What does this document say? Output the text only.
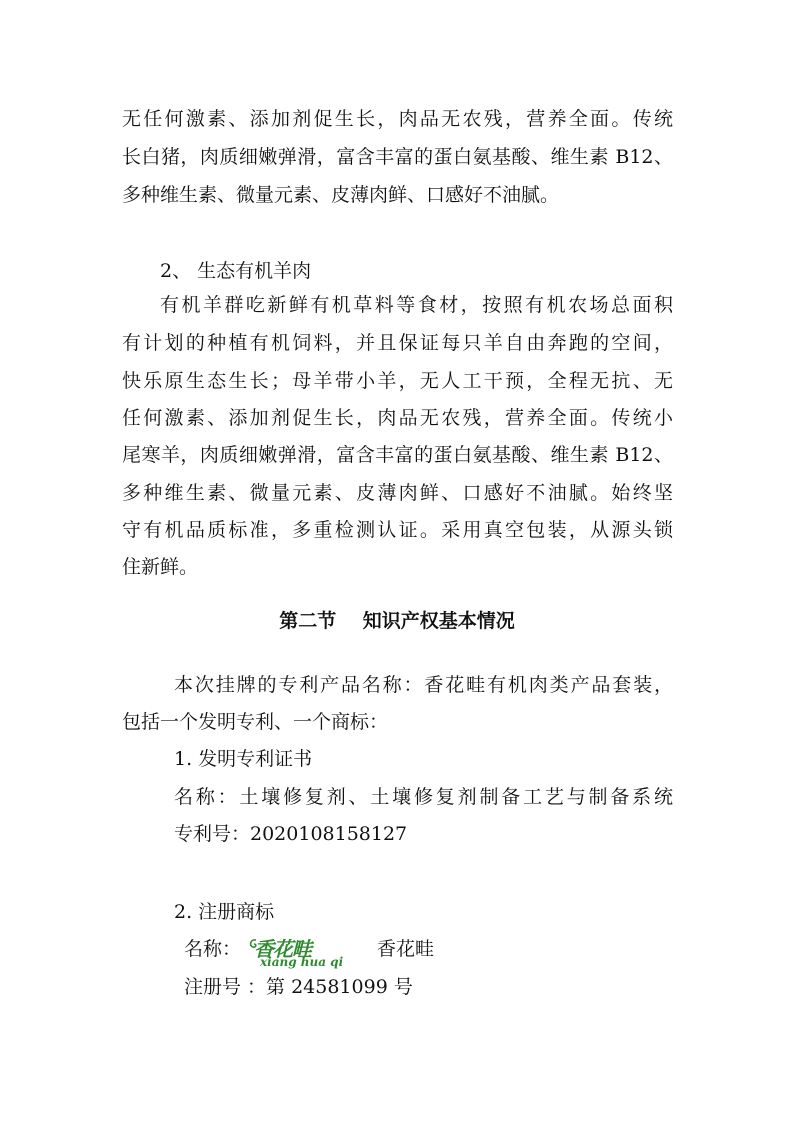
无任何激素、添加剂促生长，肉品无农残，营养全面。传统
长白猪，肉质细嫩弹滑，富含丰富的蛋白氨基酸、维生素 B12、
多种维生素、微量元素、皮薄肉鲜、口感好不油腻。
2、 生态有机羊肉
有机羊群吃新鲜有机草料等食材，按照有机农场总面积
有计划的种植有机饲料，并且保证每只羊自由奔跑的空间，
快乐原生态生长；母羊带小羊，无人工干预，全程无抗、无
任何激素、添加剂促生长，肉品无农残，营养全面。传统小
尾寒羊，肉质细嫩弹滑，富含丰富的蛋白氨基酸、维生素 B12、
多种维生素、微量元素、皮薄肉鲜、口感好不油腻。始终坚
守有机品质标准，多重检测认证。采用真空包装，从源头锁
住新鲜。
第二节    知识产权基本情况
本次挂牌的专利产品名称：香花畦有机肉类产品套装，
包括一个发明专利、一个商标：
1. 发明专利证书
名称：土壤修复剂、土壤修复剂制备工艺与制备系统
专利号：2020108158127
2. 注册商标
名称： 香花畦
xiang hua qi
香花畦
注册号 ：第 24581099 号
